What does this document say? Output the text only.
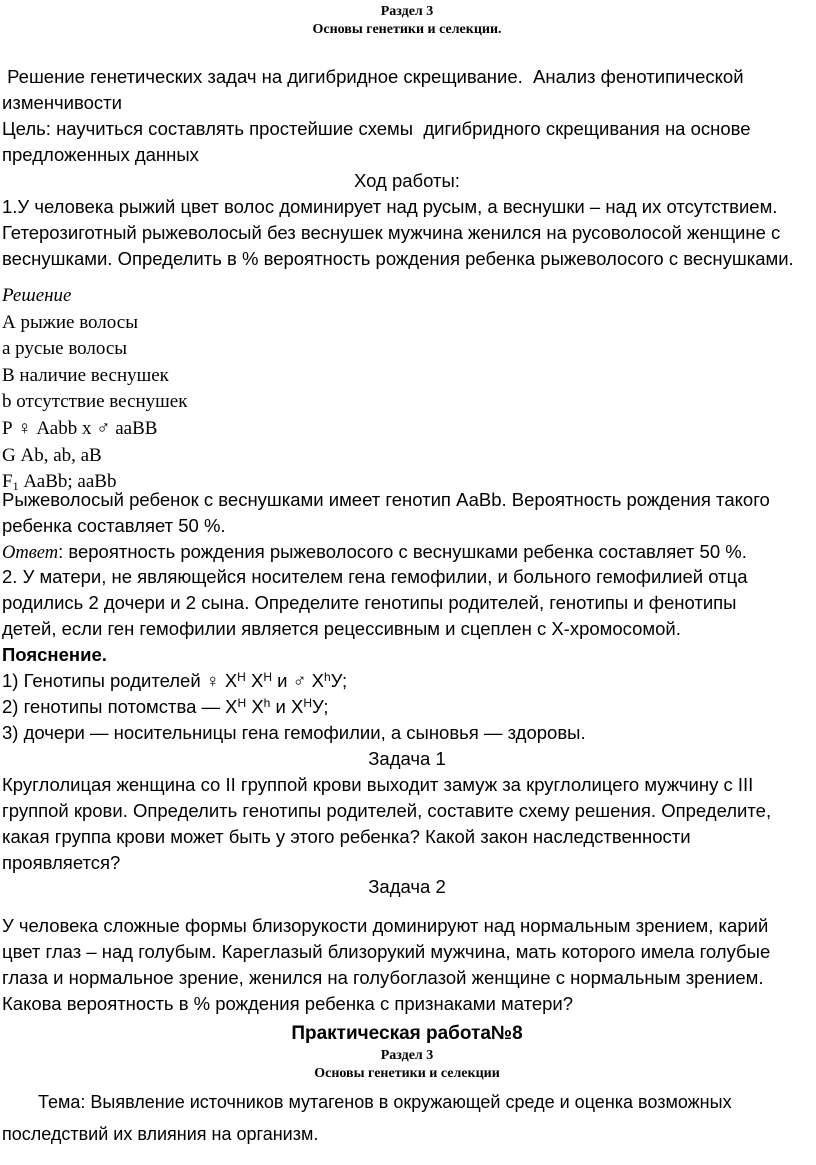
Раздел 3
Основы генетики и селекции.
Решение генетических задач на дигибридное скрещивание.  Анализ фенотипической
изменчивости
Цель: научиться составлять простейшие схемы  дигибридного скрещивания на основе
предложенных данных
Ход работы:
1.У человека рыжий цвет волос доминирует над русым, а веснушки – над их отсутствием.
Гетерозиготный рыжеволосый без веснушек мужчина женился на русоволосой женщине с
веснушками. Определить в % вероятность рождения ребенка рыжеволосого с веснушками.
Решение
А рыжие волосы
а русые волосы
В наличие веснушек
b отсутствие веснушек
Р ♀ Ааbb х ♂ ааВВ
G Аb, аb, аВ
$F_1$ АаВb; ааВb
Рыжеволосый ребенок с веснушками имеет генотип АаВb. Вероятность рождения такого
ребенка составляет 50 %.
Ответ: вероятность рождения рыжеволосого с веснушками ребенка составляет 50 %.
2. У матери, не являющейся носителем гена гемофилии, и больного гемофилией отца
родились 2 дочери и 2 сына. Определите генотипы родителей, генотипы и фенотипы
детей, если ген гемофилии является рецессивным и сцеплен с X-хромосомой.
Пояснение.
1) Генотипы родителей ♀ $X^H$ $X^H$ и ♂ $X^hУ$;
2) генотипы потомства — $X^H$ $X^h$ и $X^HУ$;
3) дочери — носительницы гена гемофилии, а сыновья — здоровы.
Задача 1
Круглолицая женщина со II группой крови выходит замуж за круглолицего мужчину с III
группой крови. Определить генотипы родителей, составите схему решения. Определите,
какая группа крови может быть у этого ребенка? Какой закон наследственности
проявляется?
Задача 2
У человека сложные формы близорукости доминируют над нормальным зрением, карий
цвет глаз – над голубым. Кареглазый близорукий мужчина, мать которого имела голубые
глаза и нормальное зрение, женился на голубоглазой женщине с нормальным зрением.
Какова вероятность в % рождения ребенка с признаками матери?
Практическая работа№8
Раздел 3
Основы генетики и селекции
Тема: Выявление источников мутагенов в окружающей среде и оценка возможных
последствий их влияния на организм.
